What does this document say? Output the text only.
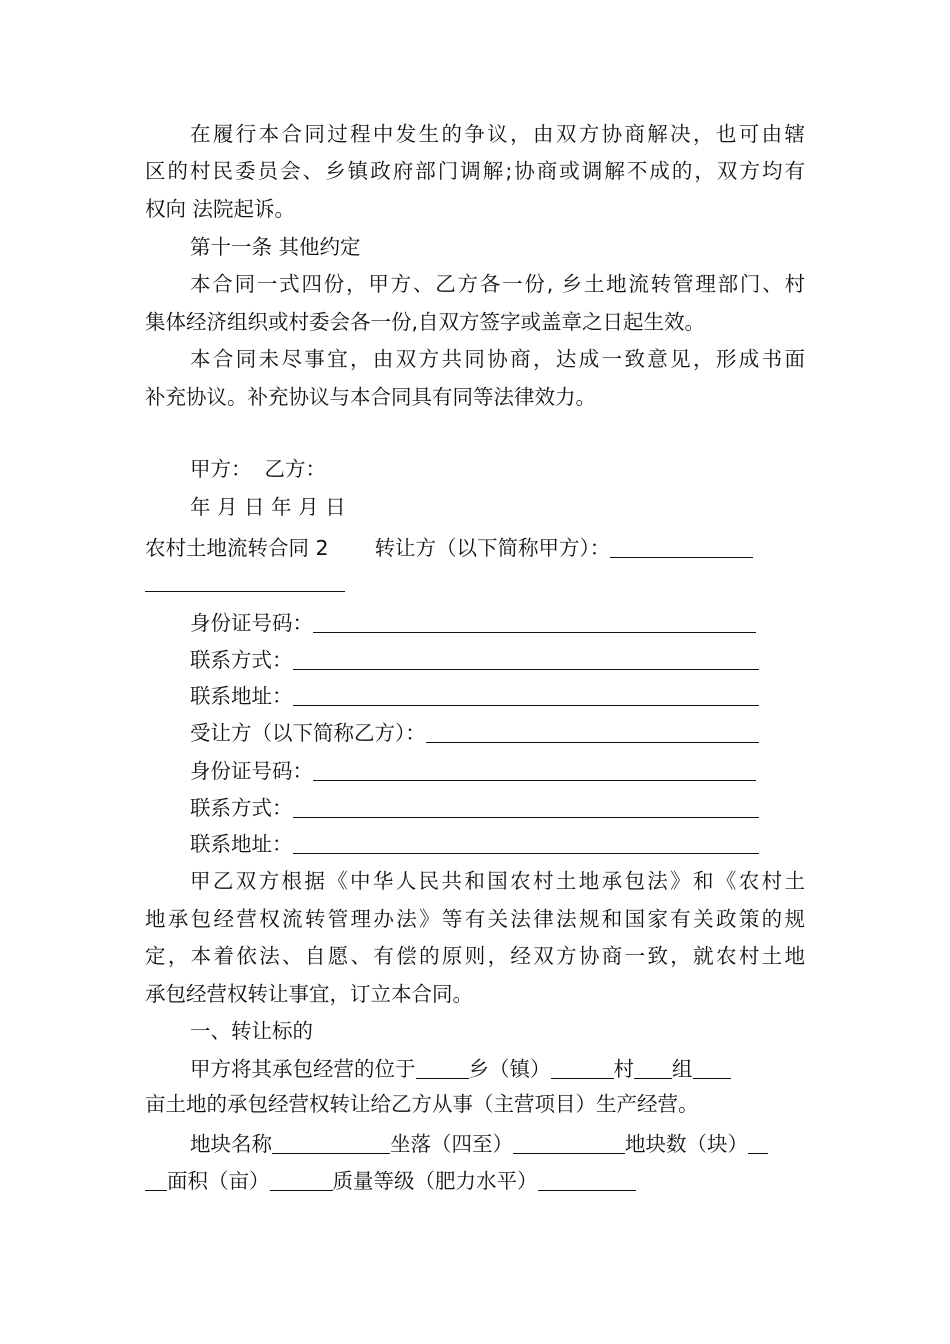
在履行本合同过程中发生的争议，由双方协商解决，也可由辖
区的村民委员会、乡镇政府部门调解;协商或调解不成的，双方均有
权向 法院起诉。
第十一条 其他约定
本合同一式四份，甲方、乙方各一份, 乡土地流转管理部门、村
集体经济组织或村委会各一份,自双方签字或盖章之日起生效。
本合同未尽事宜，由双方共同协商，达成一致意见，形成书面
补充协议。补充协议与本合同具有同等法律效力。
甲方：  乙方：
年 月 日 年 月 日
农村土地流转合同 2 转让方（以下简称甲方）：
身份证号码：
联系方式：
联系地址：
受让方（以下简称乙方）：
身份证号码：
联系方式：
联系地址：
甲乙双方根据《中华人民共和国农村土地承包法》和《农村土
地承包经营权流转管理办法》等有关法律法规和国家有关政策的规
定，本着依法、自愿、有偿的原则，经双方协商一致，就农村土地
承包经营权转让事宜，订立本合同。
一、转让标的
甲方将其承包经营的位于	乡（镇）	村 组
亩土地的承包经营权转让给乙方从事（主营项目）生产经营。
地块名称	坐落（四至）	地块数（块）
面积（亩）	质量等级（肥力水平）
